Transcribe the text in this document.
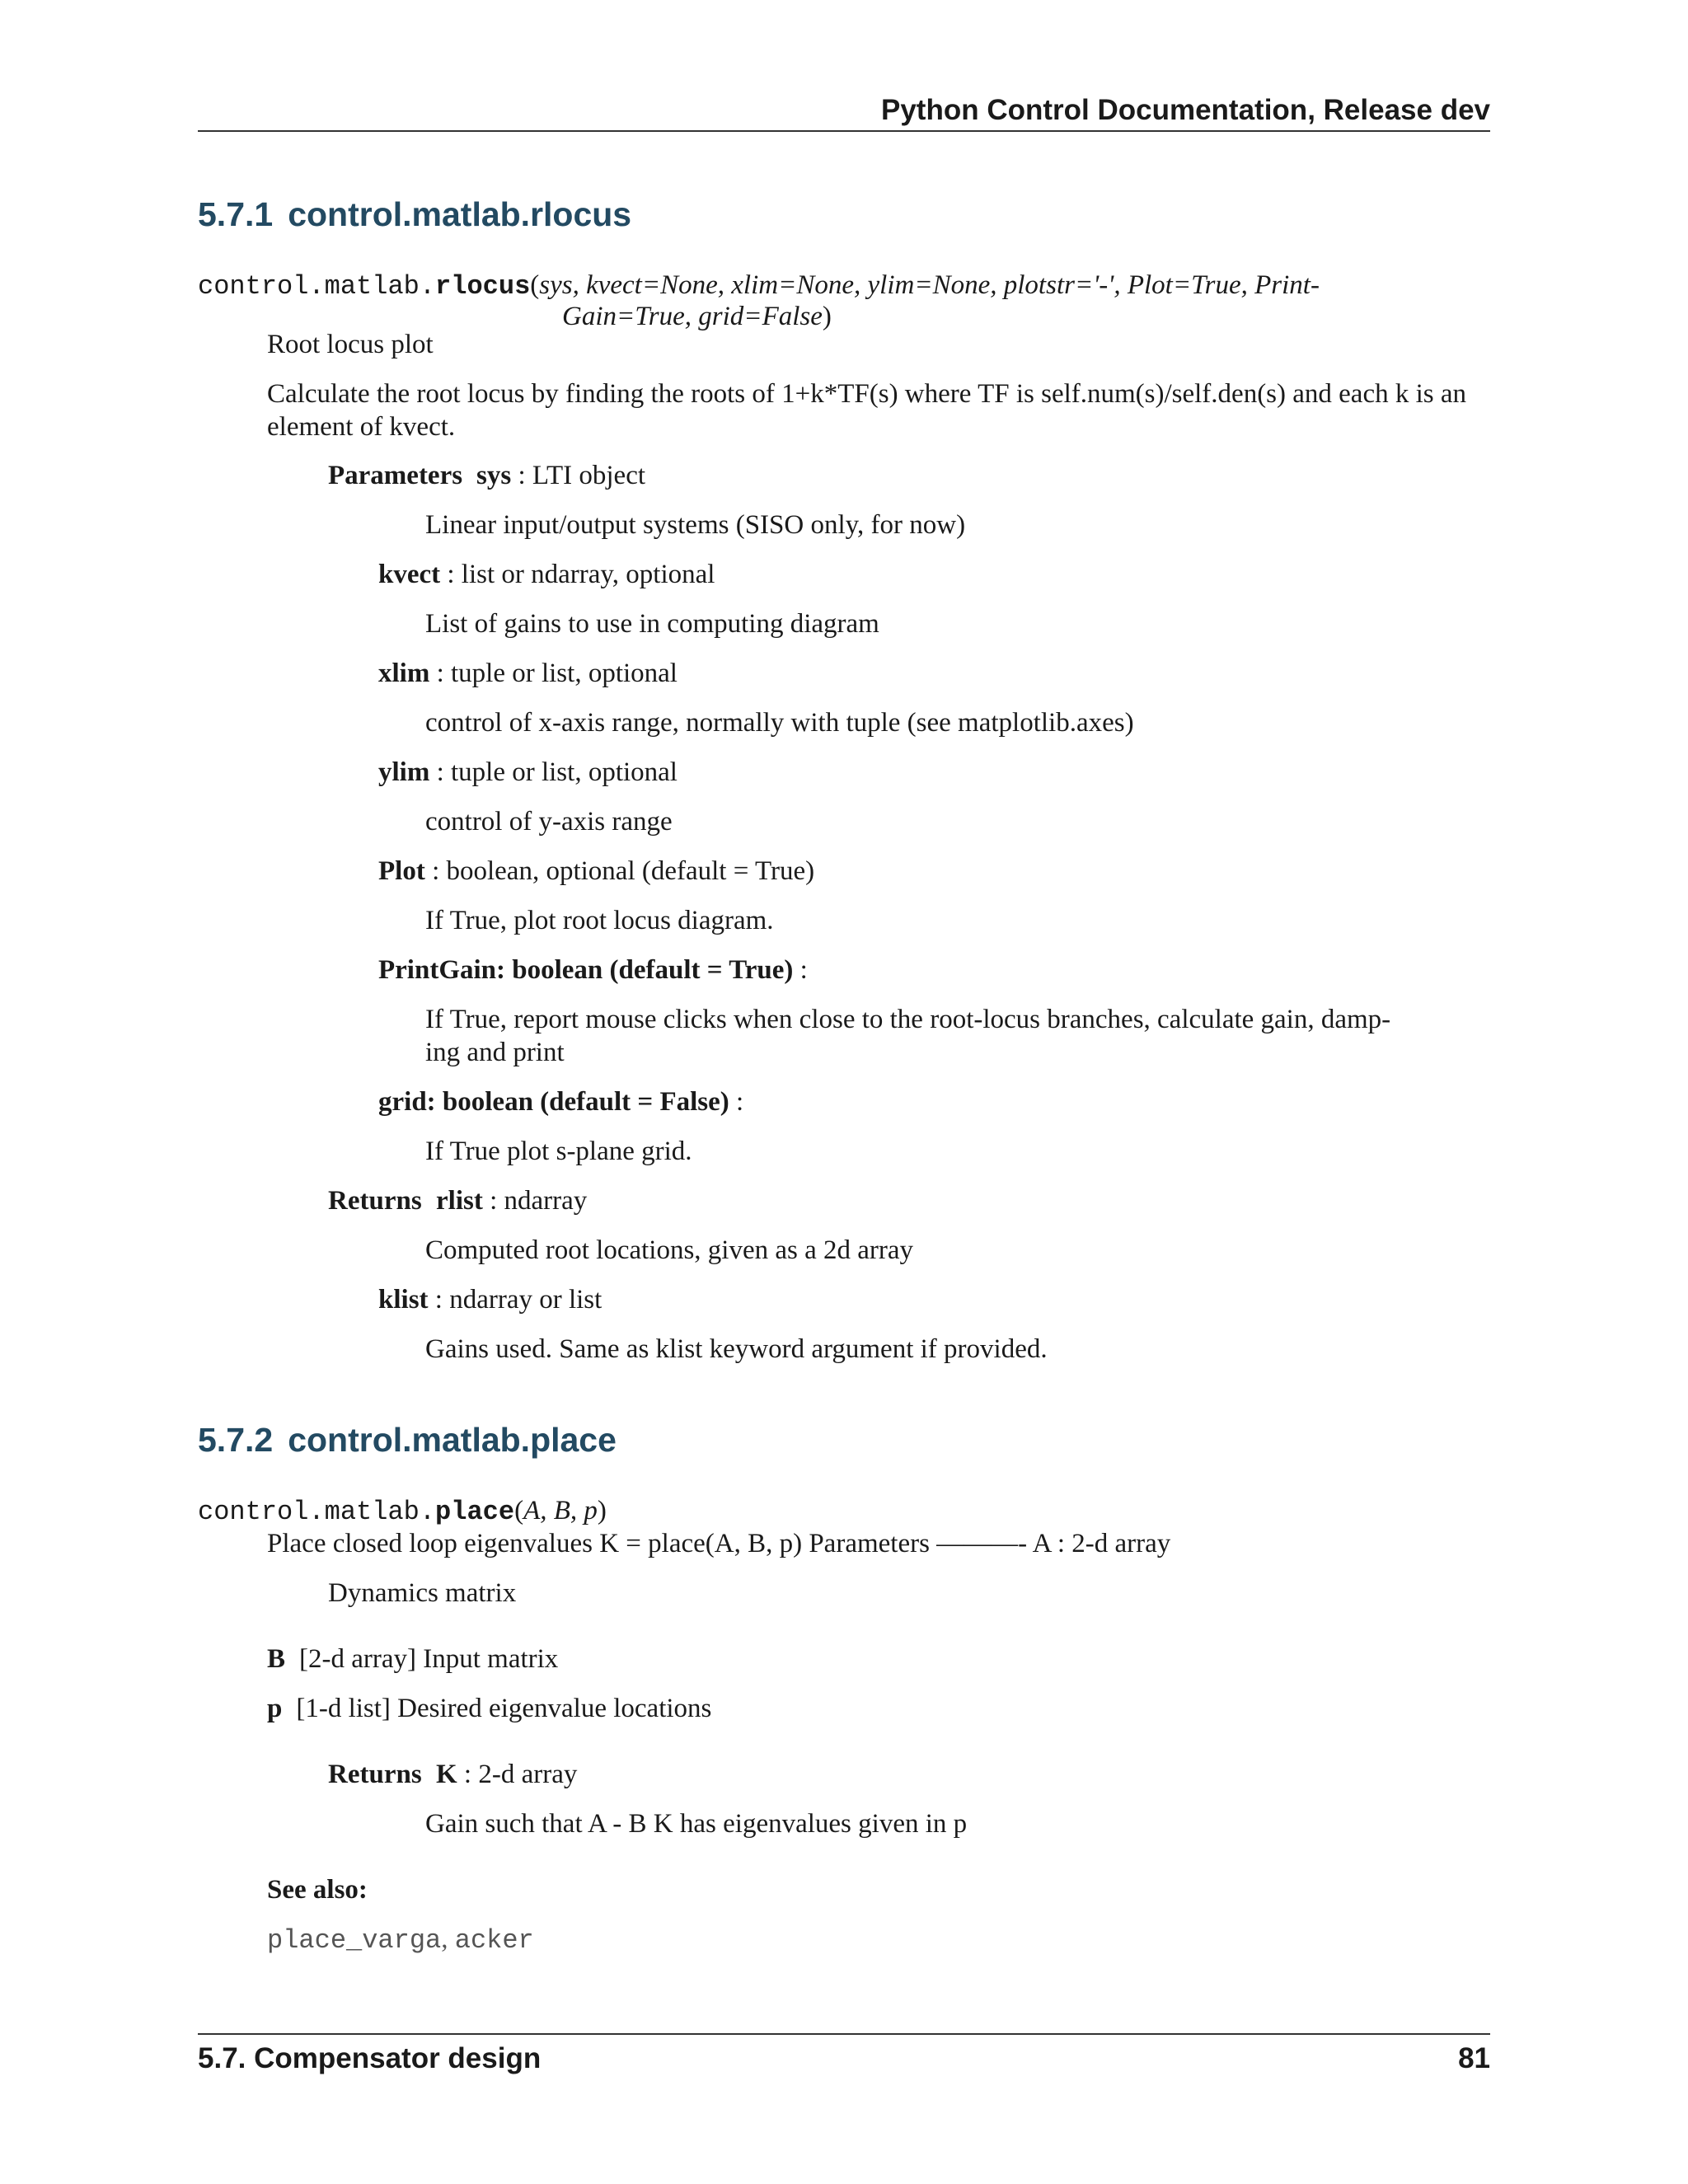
Python Control Documentation, Release dev
5.7.1 control.matlab.rlocus
control.matlab.rlocus(sys, kvect=None, xlim=None, ylim=None, plotstr='-', Plot=True, Print-
Gain=True, grid=False)
Root locus plot
Calculate the root locus by finding the roots of 1+k*TF(s) where TF is self.num(s)/self.den(s) and each k is an
element of kvect.
Parameters sys : LTI object
Linear input/output systems (SISO only, for now)
kvect : list or ndarray, optional
List of gains to use in computing diagram
xlim : tuple or list, optional
control of x-axis range, normally with tuple (see matplotlib.axes)
ylim : tuple or list, optional
control of y-axis range
Plot : boolean, optional (default = True)
If True, plot root locus diagram.
PrintGain: boolean (default = True) :
If True, report mouse clicks when close to the root-locus branches, calculate gain, damp-
ing and print
grid: boolean (default = False) :
If True plot s-plane grid.
Returns rlist : ndarray
Computed root locations, given as a 2d array
klist : ndarray or list
Gains used. Same as klist keyword argument if provided.
5.7.2 control.matlab.place
control.matlab.place(A, B, p)
Place closed loop eigenvalues K = place(A, B, p) Parameters ———- A : 2-d array
Dynamics matrix
B [2-d array] Input matrix
p [1-d list] Desired eigenvalue locations
Returns K : 2-d array
Gain such that A - B K has eigenvalues given in p
See also:
place_varga, acker
5.7. Compensator design	81
